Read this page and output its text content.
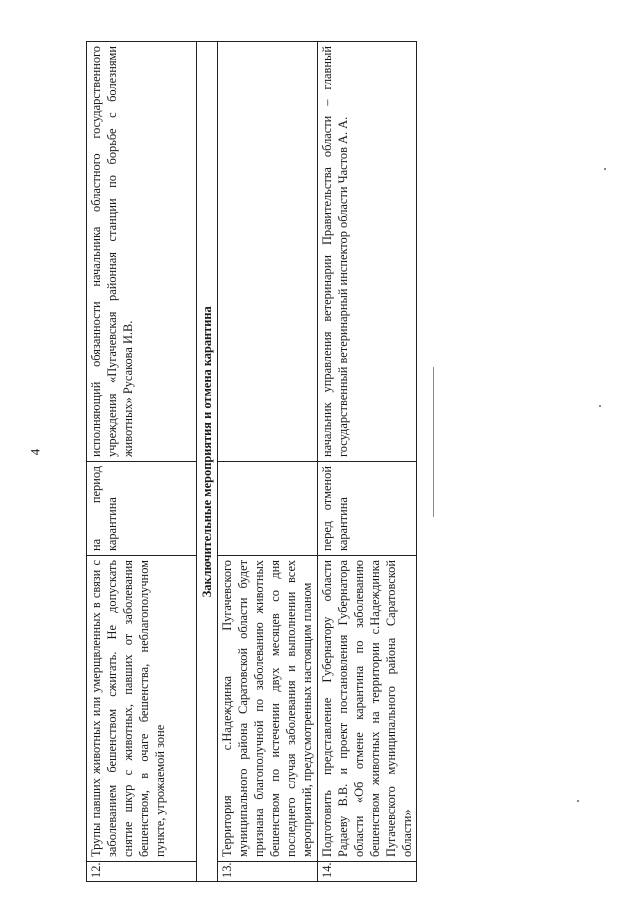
4
12.	Трупы павших животных или умерщвленных в связи с заболеванием бешенством сжигать. Не допускать снятие шкур с животных, павших от заболевания бешенством, в очаге бешенства, неблагополучном пункте, угрожаемой зоне	на период карантина	исполняющий обязанности начальника областного государственного учреждения «Пугачевская районная станции по борьбе с болезнями животных» Русакова И.В.
	Заключительные мероприятия и отмена карантина		
13.	Территория с.Надеждинка Пугачевского муниципального района Саратовской области будет признана благополучной по заболеванию животных бешенством по истечении двух месяцев со дня последнего случая заболевания и выполнении всех мероприятий, предусмотренных настоящим планом		
14.	Подготовить представление Губернатору области Радаеву В.В. и проект постановления Губернатора области «Об отмене карантина по заболеванию бешенством животных на территории с.Надеждинка Пугачевского муниципального района Саратовской области»	перед отменой карантина	начальник управления ветеринарии Правительства области – главный государственный ветеринарный инспектор области Частов А. А.
